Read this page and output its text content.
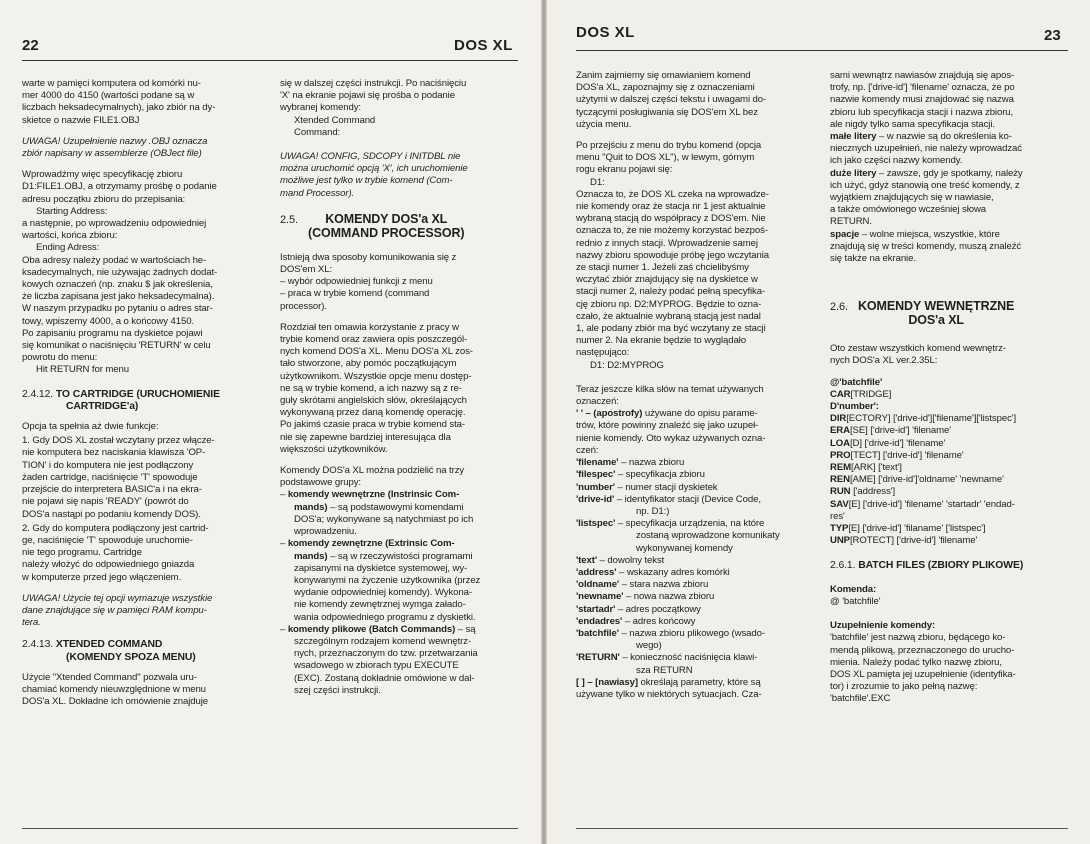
22	DOS XL

warte w pamięci komputera od komórki nu-
mer 4000 do 4150 (wartości podane są w
liczbach heksadecymalnych), jako zbiór na dy-
skietce o nazwie FILE1.OBJ

UWAGA! Uzupełnienie nazwy .OBJ oznacza
zbiór napisany w assemblerze (OBJect file)

Wprowadźmy więc specyfikację zbioru
D1:FILE1.OBJ, a otrzymamy prośbę o podanie
adresu początku zbioru do przepisania:

Starting Address:

a następnie, po wprowadzeniu odpowiedniej
wartości, końca zbioru:

Ending Adress:

Oba adresy należy podać w wartościach he-
ksadecymalnych, nie używając żadnych dodat-
kowych oznaczeń (np. znaku $ jak określenia,
że liczba zapisana jest jako heksadecymalna).
W naszym przypadku po pytaniu o adres star-
towy, wpiszemy 4000, a o końcowy 4150.
Po zapisaniu programu na dyskietce pojawi
się komunikat o naciśnięciu 'RETURN' w celu
powrotu do menu:

Hit RETURN for menu
2.4.12. TO CARTRIDGE (URUCHOMIENIE
CARTRIDGE'a)

Opcja ta spełnia aż dwie funkcje:

1. Gdy DOS XL został wczytany przez włącze-
nie komputera bez naciskania klawisza 'OP-
TION' i do komputera nie jest podłączony
żaden cartridge, naciśnięcie 'T' spowoduje
przejście do interpretera BASIC'a i na ekra-
nie pojawi się napis 'READY' (powrót do
DOS'a nastąpi po podaniu komendy DOS).

2. Gdy do komputera podłączony jest cartrid-
ge, naciśnięcie 'T' spowoduje uruchomie-
nie tego programu. Cartridge
należy włożyć do odpowiedniego gniazda
w komputerze przed jego włączeniem.

UWAGA! Użycie tej opcji wymazuje wszystkie
dane znajdujące się w pamięci RAM kompu-
tera.

2.4.13. XTENDED COMMAND
(KOMENDY SPOZA MENU)

Użycie "Xtended Command" pozwala uru-
chamiać komendy nieuwzględnione w menu
DOS'a XL. Dokładne ich omówienie znajduje

się w dalszej części instrukcji. Po naciśnięciu
'X' na ekranie pojawi się prośba o podanie
wybranej komendy:

Xtended Command
Command:

UWAGA! CONFIG, SDCOPY i INITDBL nie
można uruchomić opcją 'X', ich uruchomienie
możliwe jest tylko w trybie komend (Com-
mand Processor).

2.5.	KOMENDY DOS'a XL
(COMMAND PROCESSOR)

Istnieją dwa sposoby komunikowania się z
DOS'em XL:
– wybór odpowiedniej funkcji z menu
– praca w trybie komend (command
processor).

Rozdział ten omawia korzystanie z pracy w
trybie komend oraz zawiera opis poszczegól-
nych komend DOS'a XL. Menu DOS'a XL zos-
tało stworzone, aby pomóc początkującym
użytkownikom. Wszystkie opcje menu dostęp-
ne są w trybie komend, a ich nazwy są z re-
guły skrótami angielskich słów, określających
wykonywaną przez daną komendę operację.
Po jakimś czasie praca w trybie komend sta-
nie się zapewne bardziej interesująca dla
większości użytkowników.

Komendy DOS'a XL można podzielić na trzy
podstawowe grupy:

– komendy wewnętrzne (Instrinsic Com-
mands) – są podstawowymi komendami
DOS'a; wykonywane są natychmiast po ich
wprowadzeniu.
– komendy zewnętrzne (Extrinsic Com-
mands) – są w rzeczywistości programami
zapisanymi na dyskietce systemowej, wy-
konywanymi na życzenie użytkownika (przez
wydanie odpowiedniej komendy). Wykona-
nie komendy zewnętrznej wymga załado-
wania odpowiedniego programu z dyskietki.
– komendy plikowe (Batch Commands) – są
szczególnym rodzajem komend wewnętrz-
nych, przeznaczonym do tzw. przetwarzania
wsadowego w zbiorach typu EXECUTE
(EXC). Zostaną dokładnie omówione w dal-
szej części instrukcji.
DOS XL	23

Zanim zajmiemy się omawianiem komend
DOS'a XL, zapoznajmy się z oznaczeniami
użytymi w dalszej części tekstu i uwagami do-
tyczącymi posługiwania się DOS'em XL bez
użycia menu.

Po przejściu z menu do trybu komend (opcja
menu "Quit to DOS XL"), w lewym, górnym
rogu ekranu pojawi się:

D1:

Oznacza to, że DOS XL czeka na wprowadze-
nie komendy oraz że stacja nr 1 jest aktualnie
wybraną stacją do współpracy z DOS'em. Nie
oznacza to, że nie możemy korzystać bezpoś-
rednio z innych stacji. Wprowadzenie samej
nazwy zbioru spowoduje próbę jego wczytania
ze stacji numer 1. Jeżeli zaś chcielibyśmy
wczytać zbiór znajdujący się na dyskietce w
stacji numer 2, należy podać pełną specyfika-
cję zbioru np. D2:MYPROG. Będzie to ozna-
czało, że aktualnie wybraną stacją jest nadal
1, ale podany zbiór ma być wczytany ze stacji
numer 2. Na ekranie będzie to wyglądało
następująco:

D1: D2:MYPROG

Teraz jeszcze kilka słów na temat używanych
oznaczeń:

' ' – (apostrofy) używane do opisu parame-
trów, które powinny znaleźć się jako uzupeł-
nienie komendy. Oto wykaz używanych ozna-
czeń:
'filename' – nazwa zbioru
'filespec' – specyfikacja zbioru
'number' – numer stacji dyskietek
'drive-id' – identyfikator stacji (Device Code,
np. D1:)
'listspec' – specyfikacja urządzenia, na które
zostaną wprowadzone komunikaty
wykonywanej komendy
'text' – dowolny tekst
'address' – wskazany adres komórki
'oldname' – stara nazwa zbioru
'newname' – nowa nazwa zbioru
'startadr' – adres początkowy
'endadres' – adres końcowy
'batchfile' – nazwa zbioru plikowego (wsado-
wego)
'RETURN' – konieczność naciśnięcia klawi-
sza RETURN
[ ] – [nawiasy] określają parametry, które są
używane tylko w niektórych sytuacjach. Cza-

sami wewnątrz nawiasów znajdują się apos-
trofy, np. ['drive-id'] 'filename' oznacza, że po
nazwie komendy musi znajdować się nazwa
zbioru lub specyfikacja stacji i nazwa zbioru,
ale nigdy tylko sama specyfikacja stacji.

małe litery – w nazwie są do określenia ko-
niecznych uzupełnień, nie należy wprowadzać
ich jako części nazwy komendy.
duże litery – zawsze, gdy je spotkamy, należy
ich użyć, gdyż stanowią one treść komendy, z
wyjątkiem znajdujących się w nawiasie,
a także omówionego wcześniej słowa
RETURN.
spacje – wolne miejsca, wszystkie, które
znajdują się w treści komendy, muszą znaleźć
się także na ekranie.
2.6. KOMENDY WEWNĘTRZNE
DOS'a XL

Oto zestaw wszystkich komend wewnętrz-
nych DOS'a XL ver.2.35L:

@'batchfile'
CAR[TRIDGE]
D'number':
DIR[ECTORY] ['drive-id']['filename']['listspec']
ERA[SE] ['drive-id'] 'filename'
LOA[D] ['drive-id'] 'filename'
PRO[TECT] ['drive-id'] 'filename'
REM[ARK] ['text']
REN[AME] ['drive-id']'oldname' 'newname'
RUN ['address']
SAV[E] ['drive-id'] 'filename' 'startadr' 'endad-
res'
TYP[E] ['drive-id'] 'filaname' ['listspec']
UNP[ROTECT] ['drive-id'] 'filename'
2.6.1. BATCH FILES (ZBIORY PLIKOWE)
Komenda:
@ 'batchfile'
Uzupełnienie komendy:
'batchfile' jest nazwą zbioru, będącego ko-
mendą plikową, przeznaczonego do urucho-
mienia. Należy podać tylko nazwę zbioru,
DOS XL pamięta jej uzupełnienie (identyfika-
tor) i zrozumie to jako pełną nazwę:
'batchfile'.EXC
